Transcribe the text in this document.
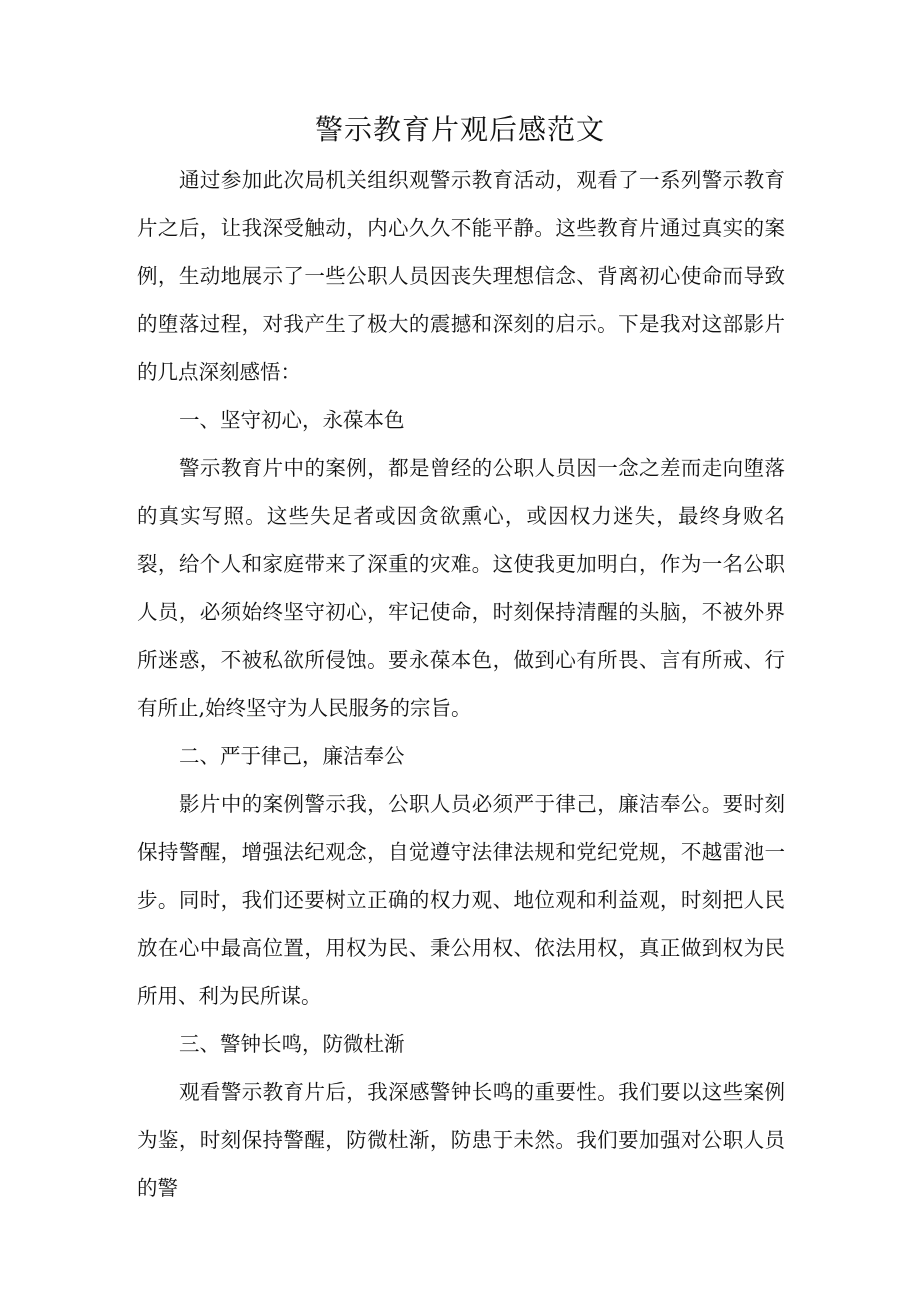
警示教育片观后感范文

通过参加此次局机关组织观警示教育活动，观看了一系列警示教育片之后，让我深受触动，内心久久不能平静。这些教育片通过真实的案例，生动地展示了一些公职人员因丧失理想信念、背离初心使命而导致的堕落过程，对我产生了极大的震撼和深刻的启示。下是我对这部影片的几点深刻感悟：

一、坚守初心，永葆本色

警示教育片中的案例，都是曾经的公职人员因一念之差而走向堕落的真实写照。这些失足者或因贪欲熏心，或因权力迷失，最终身败名裂，给个人和家庭带来了深重的灾难。这使我更加明白，作为一名公职人员，必须始终坚守初心，牢记使命，时刻保持清醒的头脑，不被外界所迷惑，不被私欲所侵蚀。要永葆本色，做到心有所畏、言有所戒、行有所止,始终坚守为人民服务的宗旨。

二、严于律己，廉洁奉公

影片中的案例警示我，公职人员必须严于律己，廉洁奉公。要时刻保持警醒，增强法纪观念，自觉遵守法律法规和党纪党规，不越雷池一步。同时，我们还要树立正确的权力观、地位观和利益观，时刻把人民放在心中最高位置，用权为民、秉公用权、依法用权，真正做到权为民所用、利为民所谋。

三、警钟长鸣，防微杜渐

观看警示教育片后，我深感警钟长鸣的重要性。我们要以这些案例为鉴，时刻保持警醒，防微杜渐，防患于未然。我们要加强对公职人员的警
